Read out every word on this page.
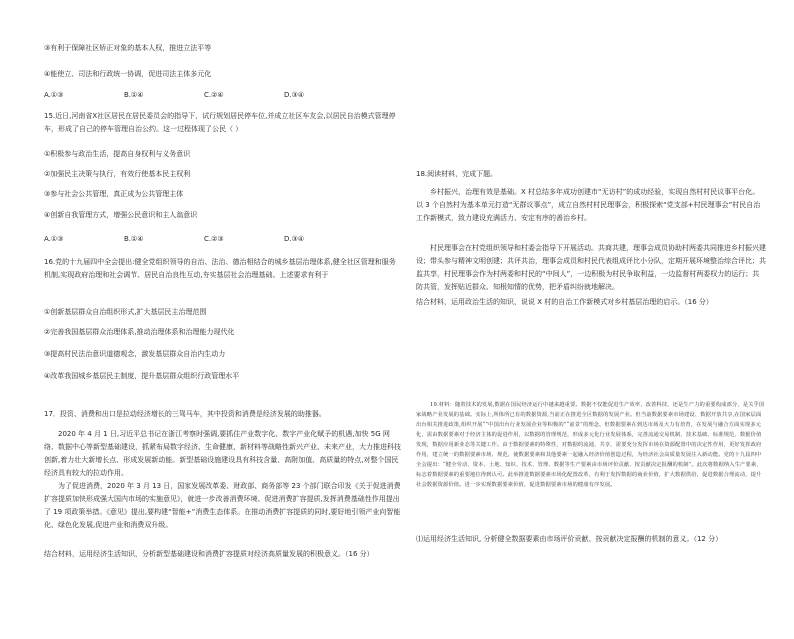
③有利于保障社区矫正对象的基本人权，推进立法平等
④能使立、司法和行政统一协调，促进司法主体多元化
A.①③	B.①④	C.②④	D.③④
15.近日,河南省X社区居民在居民委员会的指导下，试行规划居民停车位,并成立社区车友会,以居民自治模式管理停车，形成了自己的停车管理自治公约。这一过程体现了公民（ ）
①积极参与政治生活，提高自身权利与义务意识
②加强民主决策与执行，有效行使基本民主权利
③参与社会公共管理，真正成为公共管理主体
④创新自我管理方式，增强公民意识和主人翁意识
A.①③	B.①④	C.②③	D.③④
16.党的十九届四中全会提出:健全党组织领导的自治、法治、德治相结合的城乡基层治理体系,健全社区管理和服务机制,实现政府治理和社会调节、居民自治良性互动,夯实基层社会治理基础。上述要求有利于
①创新基层群众自治组织形式,扩大基层民主治理范围
②完善我国基层群众治理体系,推动治理体系和治理能力现代化
③提高村民法治意识道德观念，激发基层群众自治内生动力
④改革我国城乡基层民主制度，提升基层群众组织行政管理水平
17．投资、消费和出口是拉动经济增长的三驾马车，其中投资和消费是经济发展的助推器。
2020 年 4 月 1 日,习近平总书记在浙江考察时强调,要抓住产业数字化、数字产业化赋予的机遇,加快 5G 网络、数据中心等新型基础建设，抓紧布局数字经济、生命健康、新材料等战略性新兴产业、未来产业，大力推进科技创新,着力壮大新增长点、形成发展新动能。新型基础设施建设具有科技含量、高附加值、高质量的特点,对整个国民经济具有较大的拉动作用。
为了促进消费，2020 年 3 月 13 日，国家发展改革委、财政部、商务部等 23 个部门联合印发《关于促进消费扩容提质加快形成强大国内市场的实施意见》，就进一步改善消费环境、促进消费扩容提质,发挥消费基础性作用提出了 19 项政策举措。《意见》提出,要构建“智能+”消费生态体系。在推动消费扩容提质的同时,要好地引领产业向智能化、绿色化发展,促进产业和消费双升级。
结合材料，运用经济生活知识，分析新型基础建设和消费扩容提质对经济高质量发展的积极意义。（16 分）
18.阅读材料，完成下题。
乡村振兴，治理有效是基础。X 村总结多年成功创建市“无访村”的成功经验，实现自然村村民议事平台化。以 3 个自然村为基本单元打造“无群议事点”，成立自然村村民理事会，积极探索“党支部+村民理事会”村民自治工作新模式，致力建设充满活力、安定有序的善治乡村。
村民理事会在村党组织领导和村委会指导下开展活动。共商共建，理事会成员协助村两委共同推进乡村振兴建设；带头参与精神文明创建；共评共治，理事会成员和村民代表组成评比小分队，定期开展环境整治综合评比；共监共享，村民理事会作为村两委和村民的“中间人”，一边积极为村民争取利益，一边监督村两委权力的运行；共防共管，发挥贴近群众、知根知情的优势，把矛盾纠纷就地解决。
结合材料，运用政治生活的知识，说说 X 村的自治工作新模式对乡村基层治理的启示。（16 分）
19.材料：随着技术的发展,数据在国民经济运行中越来越重要。数据不仅能促进生产效率、改善科技，还是生产力的重要构成部分，是关乎国家战略产业发展的基础。实际上,所体所已有的数据资源,当前正在推进全区数据的发展产业。但当前数据要素市场建设、数据开放共享,在国家层面出台相关推进政策,组织开展“”中国出台行业发展企业等积极的”“前景”的理念，但数据要素在到达市场及大力有培育，在发展与融合方面实现多元化，需由数据要素对于经济主体的促进作用，以数据的管理规范，形成多元化行业发展体系，完善流通交易机制、技术基础、标准规范，数据价值发现，数据应用新业态等关键工作。由于数据要素的特殊性，对数据的流通、共享，需要充分发挥市场在资源配置中的决定性作用，更好发挥政府作用，建立统一的数据要素市场、规范，使数据要素和其他要素一起融入经济价值创造过程，为经济社会高质量发展注入新动能。党的十九届四中全会提出：“健全劳动、资本、土地、知识、技术、管理、数据等生产要素由市场评价贡献、按贡献决定报酬的机制”。此次将数据纳入生产要素，标志着数据要素的重要地位得到认可。此举推进数据要素市场化配置改革，有利于发挥数据的商业价值，扩大数据供给，促进数据合理流动，提升社会数据资源价值。进一步实现数据要素价值，促进数据要素市场的健康有序发展。
⑴运用经济生活知识, 分析健全数据要素由市场评价贡献、按贡献决定报酬的机制的意义。（12 分）
